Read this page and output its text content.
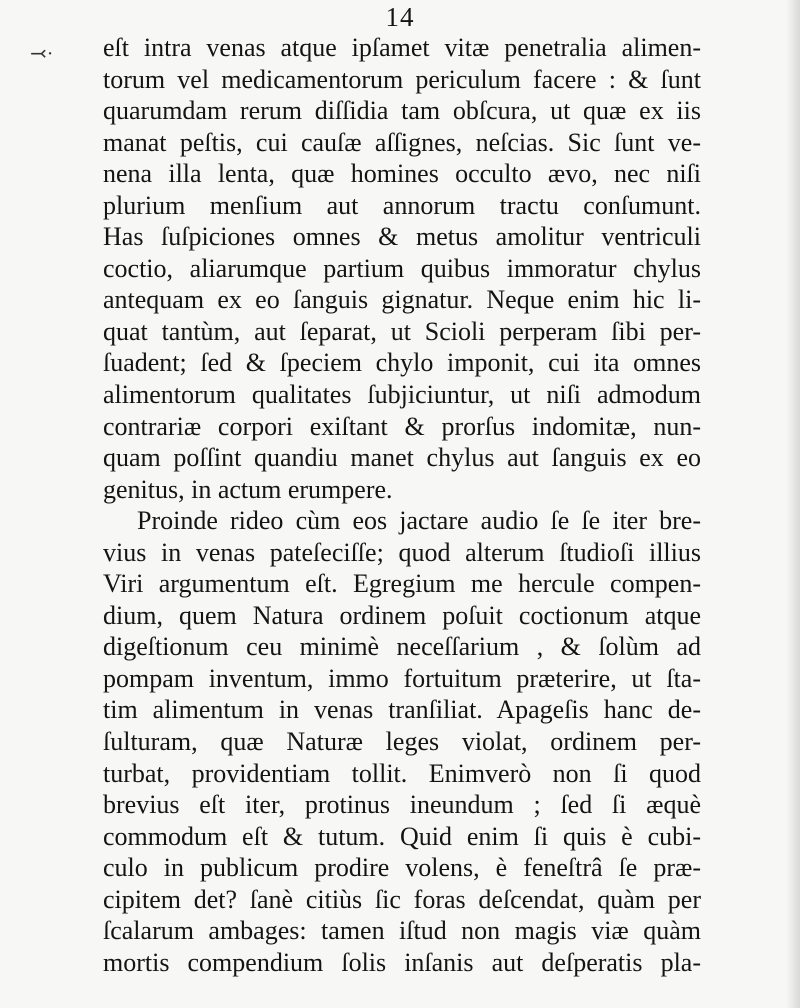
14
⤙· eſt intra venas atque ipſamet vitæ penetralia alimen-
torum vel medicamentorum periculum facere : & ſunt
quarumdam rerum diſſidia tam obſcura, ut quæ ex iis
manat peſtis, cui cauſæ aſſignes, neſcias. Sic ſunt ve-
nena illa lenta, quæ homines occulto ævo, nec niſi
plurium menſium aut annorum tractu conſumunt.
Has ſuſpiciones omnes & metus amolitur ventriculi
coctio, aliarumque partium quibus immoratur chylus
antequam ex eo ſanguis gignatur. Neque enim hic li-
quat tantùm, aut ſeparat, ut Scioli perperam ſibi per-
ſuadent; ſed & ſpeciem chylo imponit, cui ita omnes
alimentorum qualitates ſubjiciuntur, ut niſi admodum
contrariæ corpori exiſtant & prorſus indomitæ, nun-
quam poſſint quandiu manet chylus aut ſanguis ex eo
genitus, in actum erumpere.
Proinde rideo cùm eos jactare audio ſe ſe iter bre-
vius in venas pateſeciſſe; quod alterum ſtudioſi illius
Viri argumentum eſt. Egregium me hercule compen-
dium, quem Natura ordinem poſuit coctionum atque
digeſtionum ceu minimè neceſſarium , & ſolùm ad
pompam inventum, immo fortuitum præterire, ut ſta-
tim alimentum in venas tranſiliat. Apageſis hanc de-
ſulturam, quæ Naturæ leges violat, ordinem per-
turbat, providentiam tollit. Enimverò non ſi quod
brevius eſt iter, protinus ineundum ; ſed ſi æquè
commodum eſt & tutum. Quid enim ſi quis è cubi-
culo in publicum prodire volens, è feneſtrâ ſe præ-
cipitem det? ſanè citiùs ſic foras deſcendat, quàm per
ſcalarum ambages: tamen iſtud non magis viæ quàm
mortis compendium ſolis inſanis aut deſperatis pla-
